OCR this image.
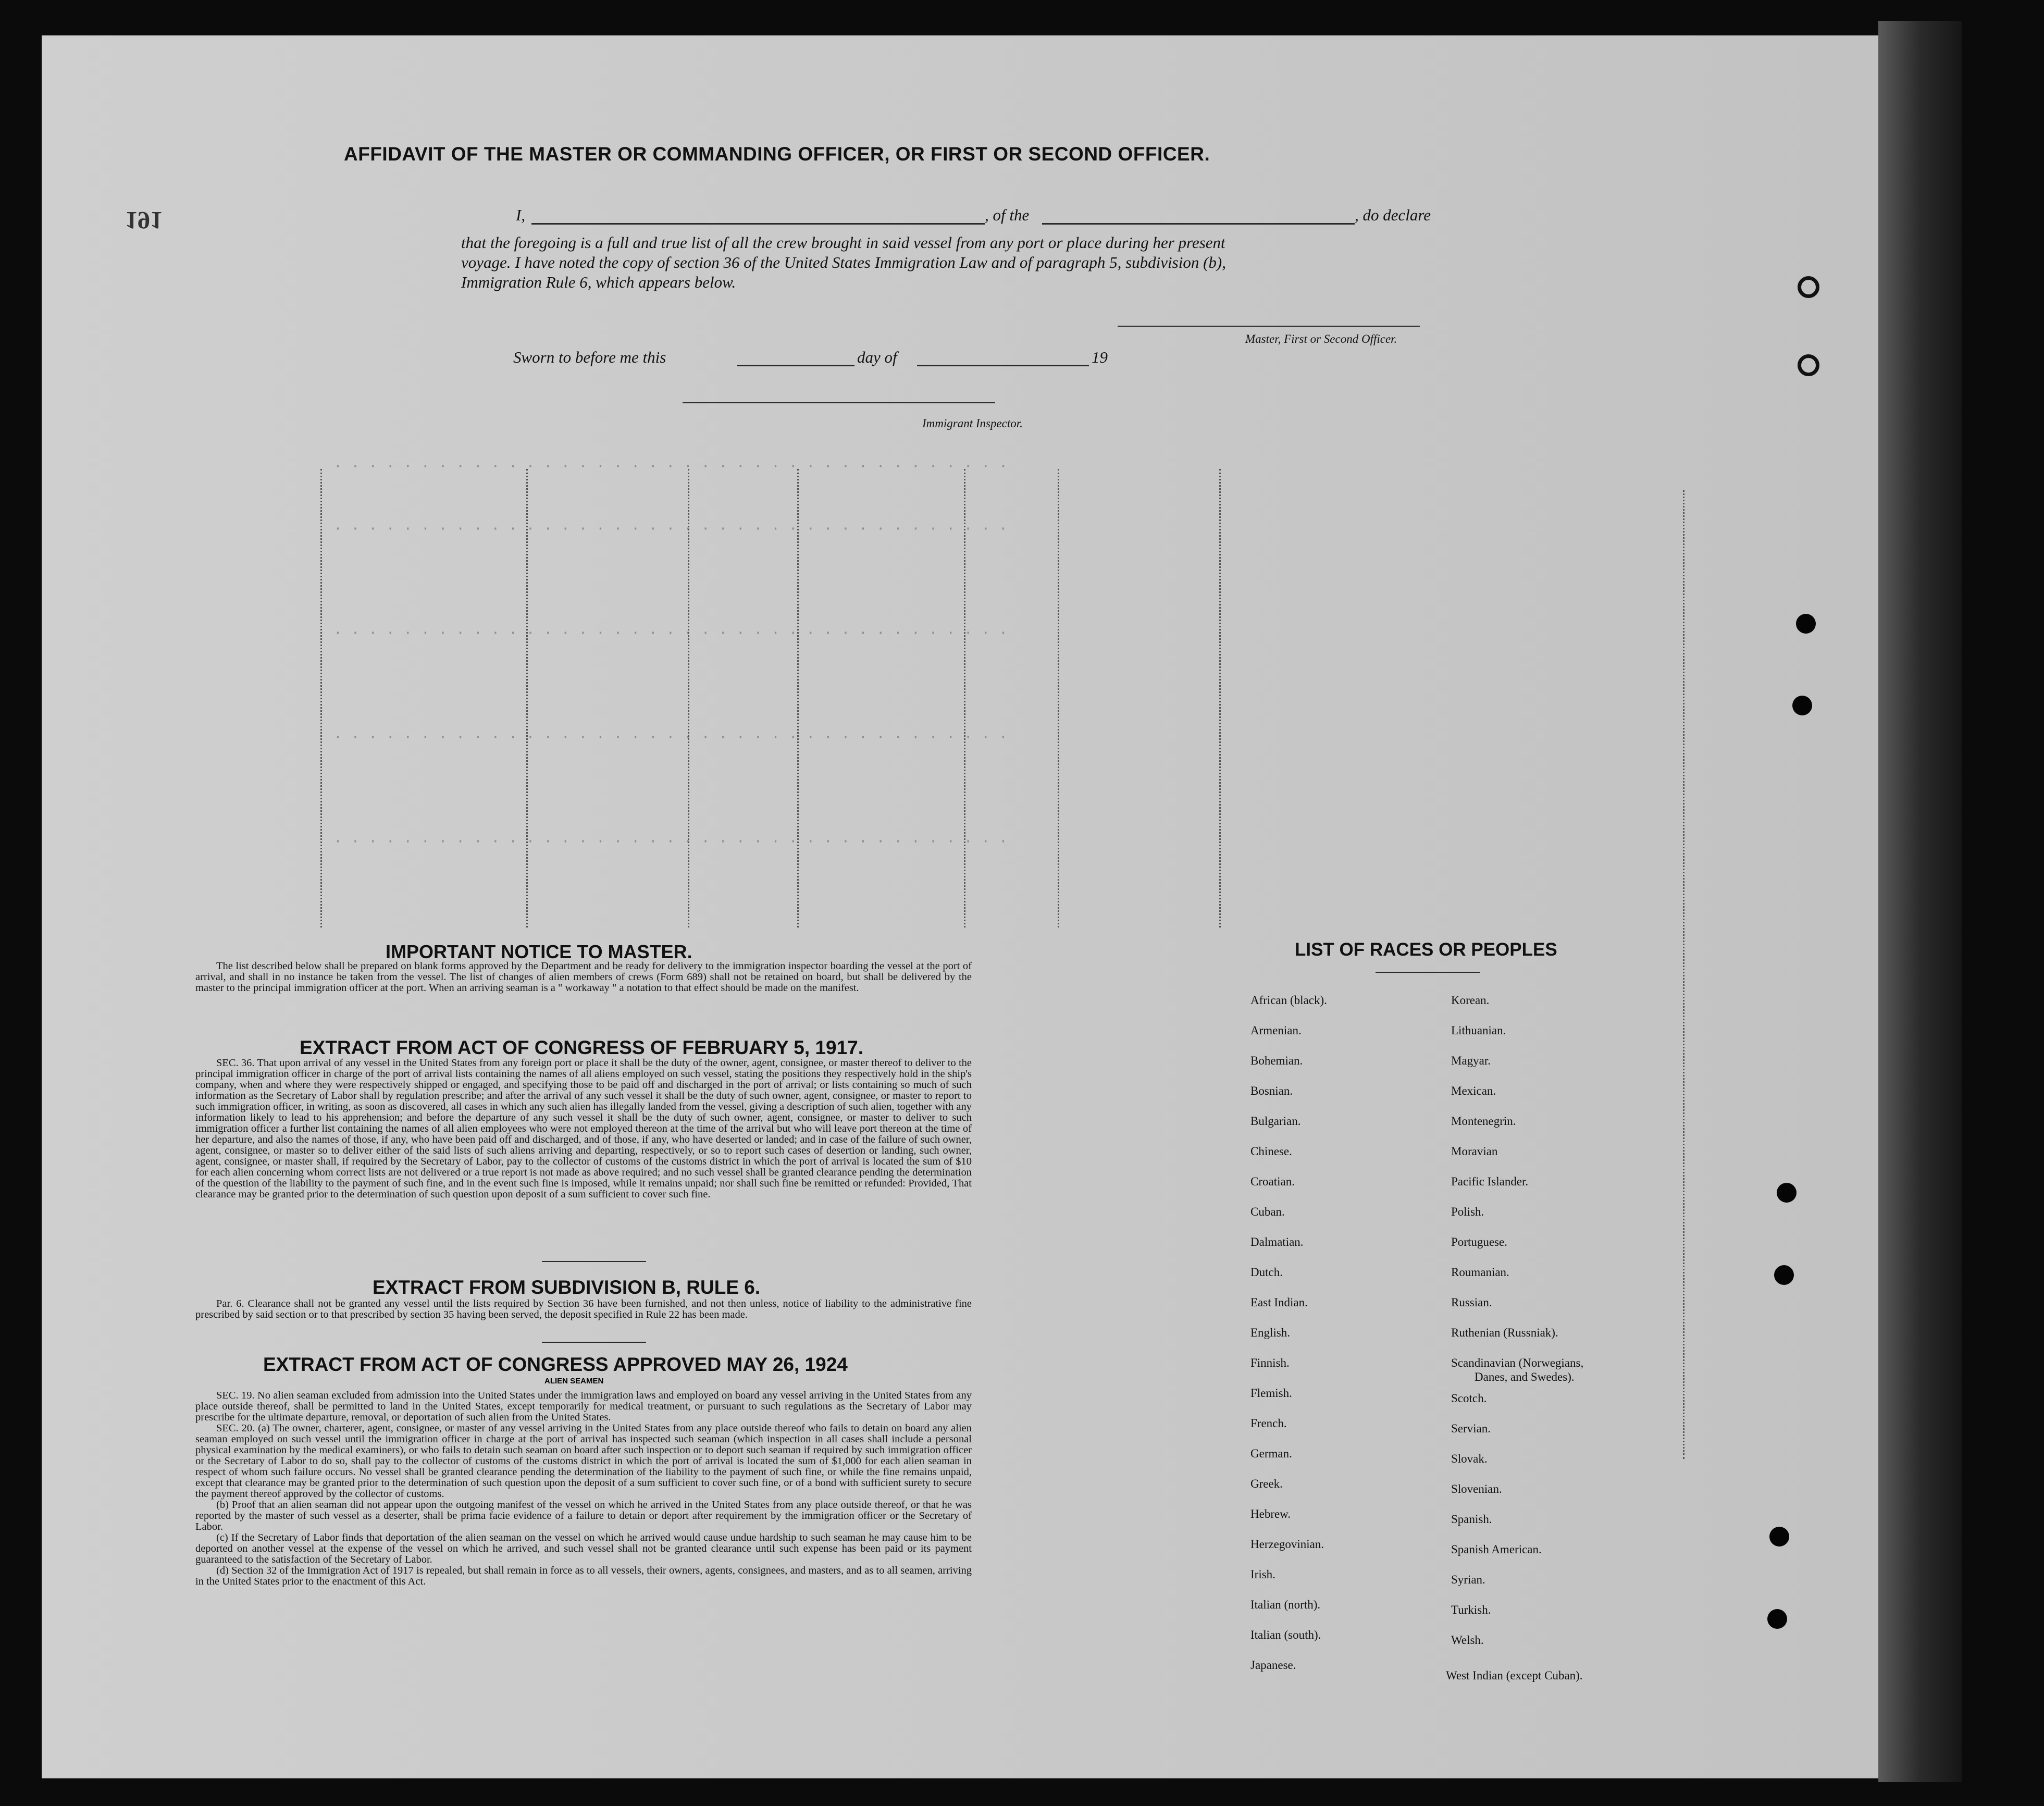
191
· · · · · · · · · · · · · · · · · · · · · · · · · · · · · · · · · · · · · · ·
· · · · · · · · · · · · · · · · · · · · · · · · · · · · · · · · · · · · · · ·
· · · · · · · · · · · · · · · · · · · · · · · · · · · · · · · · · · · · · · ·
· · · · · · · · · · · · · · · · · · · · · · · · · · · · · · · · · · · · · · ·
· · · · · · · · · · · · · · · · · · · · · · · · · · · · · · · · · · · · · · ·
AFFIDAVIT OF THE MASTER OR COMMANDING OFFICER, OR FIRST OR SECOND OFFICER.
I,	, of the	, do declare
that the foregoing is a full and true list of all the crew brought in said vessel from any port or place during her present
voyage. I have noted the copy of section 36 of the United States Immigration Law and of paragraph 5, subdivision (b),
Immigration Rule 6, which appears below.
Master, First or Second Officer.
Sworn to before me this	day of	19
Immigrant Inspector.
IMPORTANT NOTICE TO MASTER.
The list described below shall be prepared on blank forms approved by the Department and be ready for delivery to the immigration inspector boarding the vessel at the port of arrival, and shall in no instance be taken from the vessel. The list of changes of alien members of crews (Form 689) shall not be retained on board, but shall be delivered by the master to the principal immigration officer at the port. When an arriving seaman is a " workaway " a notation to that effect should be made on the manifest.
EXTRACT FROM ACT OF CONGRESS OF FEBRUARY 5, 1917.
SEC. 36. That upon arrival of any vessel in the United States from any foreign port or place it shall be the duty of the owner, agent, consignee, or master thereof to deliver to the principal immigration officer in charge of the port of arrival lists containing the names of all aliens employed on such vessel, stating the positions they respectively hold in the ship's company, when and where they were respectively shipped or engaged, and specifying those to be paid off and discharged in the port of arrival; or lists containing so much of such information as the Secretary of Labor shall by regulation prescribe; and after the arrival of any such vessel it shall be the duty of such owner, agent, consignee, or master to report to such immigration officer, in writing, as soon as discovered, all cases in which any such alien has illegally landed from the vessel, giving a description of such alien, together with any information likely to lead to his apprehension; and before the departure of any such vessel it shall be the duty of such owner, agent, consignee, or master to deliver to such immigration officer a further list containing the names of all alien employees who were not employed thereon at the time of the arrival but who will leave port thereon at the time of her departure, and also the names of those, if any, who have been paid off and discharged, and of those, if any, who have deserted or landed; and in case of the failure of such owner, agent, consignee, or master so to deliver either of the said lists of such aliens arriving and departing, respectively, or so to report such cases of desertion or landing, such owner, agent, consignee, or master shall, if required by the Secretary of Labor, pay to the collector of customs of the customs district in which the port of arrival is located the sum of $10 for each alien concerning whom correct lists are not delivered or a true report is not made as above required; and no such vessel shall be granted clearance pending the determination of the question of the liability to the payment of such fine, and in the event such fine is imposed, while it remains unpaid; nor shall such fine be remitted or refunded: Provided, That clearance may be granted prior to the determination of such question upon deposit of a sum sufficient to cover such fine.
EXTRACT FROM SUBDIVISION B, RULE 6.
Par. 6. Clearance shall not be granted any vessel until the lists required by Section 36 have been furnished, and not then unless, notice of liability to the administrative fine prescribed by said section or to that prescribed by section 35 having been served, the deposit specified in Rule 22 has been made.
EXTRACT FROM ACT OF CONGRESS APPROVED MAY 26, 1924
ALIEN SEAMEN
SEC. 19. No alien seaman excluded from admission into the United States under the immigration laws and employed on board any vessel arriving in the United States from any place outside thereof, shall be permitted to land in the United States, except temporarily for medical treatment, or pursuant to such regulations as the Secretary of Labor may prescribe for the ultimate departure, removal, or deportation of such alien from the United States.
SEC. 20. (a) The owner, charterer, agent, consignee, or master of any vessel arriving in the United States from any place outside thereof who fails to detain on board any alien seaman employed on such vessel until the immigration officer in charge at the port of arrival has inspected such seaman (which inspection in all cases shall include a personal physical examination by the medical examiners), or who fails to detain such seaman on board after such inspection or to deport such seaman if required by such immigration officer or the Secretary of Labor to do so, shall pay to the collector of customs of the customs district in which the port of arrival is located the sum of $1,000 for each alien seaman in respect of whom such failure occurs. No vessel shall be granted clearance pending the determination of the liability to the payment of such fine, or while the fine remains unpaid, except that clearance may be granted prior to the determination of such question upon the deposit of a sum sufficient to cover such fine, or of a bond with sufficient surety to secure the payment thereof approved by the collector of customs.
(b) Proof that an alien seaman did not appear upon the outgoing manifest of the vessel on which he arrived in the United States from any place outside thereof, or that he was reported by the master of such vessel as a deserter, shall be prima facie evidence of a failure to detain or deport after requirement by the immigration officer or the Secretary of Labor.
(c) If the Secretary of Labor finds that deportation of the alien seaman on the vessel on which he arrived would cause undue hardship to such seaman he may cause him to be deported on another vessel at the expense of the vessel on which he arrived, and such vessel shall not be granted clearance until such expense has been paid or its payment guaranteed to the satisfaction of the Secretary of Labor.
(d) Section 32 of the Immigration Act of 1917 is repealed, but shall remain in force as to all vessels, their owners, agents, consignees, and masters, and as to all seamen, arriving in the United States prior to the enactment of this Act.
LIST OF RACES OR PEOPLES
African (black).
Armenian.
Bohemian.
Bosnian.
Bulgarian.
Chinese.
Croatian.
Cuban.
Dalmatian.
Dutch.
East Indian.
English.
Finnish.
Flemish.
French.
German.
Greek.
Hebrew.
Herzegovinian.
Irish.
Italian (north).
Italian (south).
Japanese.
Korean.
Lithuanian.
Magyar.
Mexican.
Montenegrin.
Moravian
Pacific Islander.
Polish.
Portuguese.
Roumanian.
Russian.
Ruthenian (Russniak).
Scandinavian (Norwegians,
Danes, and Swedes).
Scotch.
Servian.
Slovak.
Slovenian.
Spanish.
Spanish American.
Syrian.
Turkish.
Welsh.
West Indian (except Cuban).
